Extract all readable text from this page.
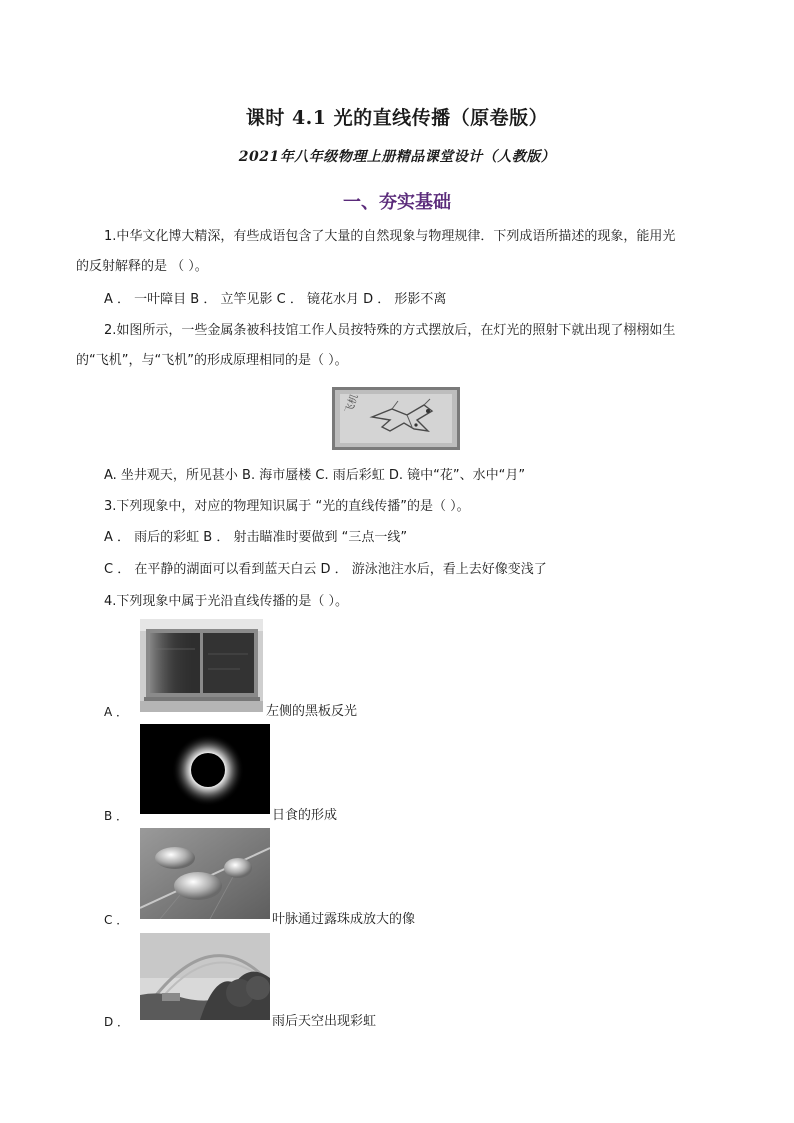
课时 4.1 光的直线传播（原卷版）
2021年八年级物理上册精品课堂设计（人教版）
一、夯实基础
1.中华文化博大精深，有些成语包含了大量的自然现象与物理规律．下列成语所描述的现象，能用光
的反射解释的是 （ ）。
A ． 一叶障目 B ． 立竿见影 C ． 镜花水月 D ． 形影不离
2.如图所示，一些金属条被科技馆工作人员按特殊的方式摆放后，在灯光的照射下就出现了栩栩如生
的“飞机”，与“飞机”的形成原理相同的是（ ）。
飞机
A. 坐井观天，所见甚小 B. 海市蜃楼 C. 雨后彩虹 D. 镜中“花”、水中“月”
3.下列现象中，对应的物理知识属于 “光的直线传播”的是（ ）。
A ． 雨后的彩虹 B ． 射击瞄准时要做到 “三点一线”
C ． 在平静的湖面可以看到蓝天白云 D ． 游泳池注水后，看上去好像变浅了
4.下列现象中属于光沿直线传播的是（ ）。
A ．	左侧的黑板反光
B ．	日食的形成
C ．	叶脉通过露珠成放大的像
D ．	雨后天空出现彩虹
